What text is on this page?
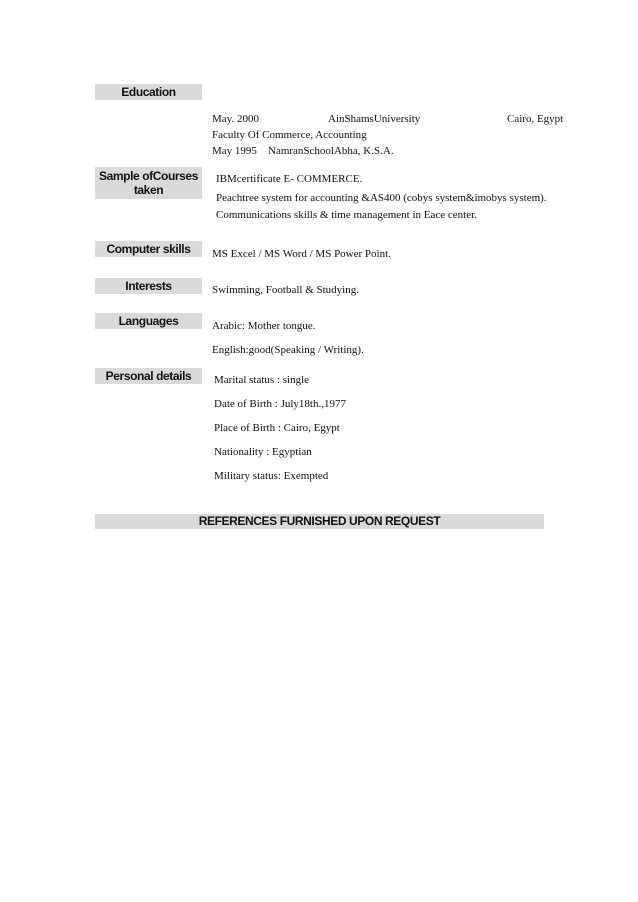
Education
May. 2000	AinShamsUniversity	Cairo, Egypt
Faculty Of Commerce, Accounting
May 1995 NamranSchoolAbha, K.S.A.
Sample ofCourses taken
IBMcertificate E- COMMERCE.
Peachtree system for accounting &AS400 (cobys system&imobys system).
Communications skills & time management in Eace center.
Computer skills	MS Excel / MS Word / MS Power Point.
Interests	Swimming, Football & Studying.
Languages	Arabic: Mother tongue.
English:good(Speaking / Writing).
Personal details	Marital status : single
Date of Birth : July18th.,1977
Place of Birth : Cairo, Egypt
Nationality : Egyptian
Military status: Exempted
REFERENCES FURNISHED UPON REQUEST
